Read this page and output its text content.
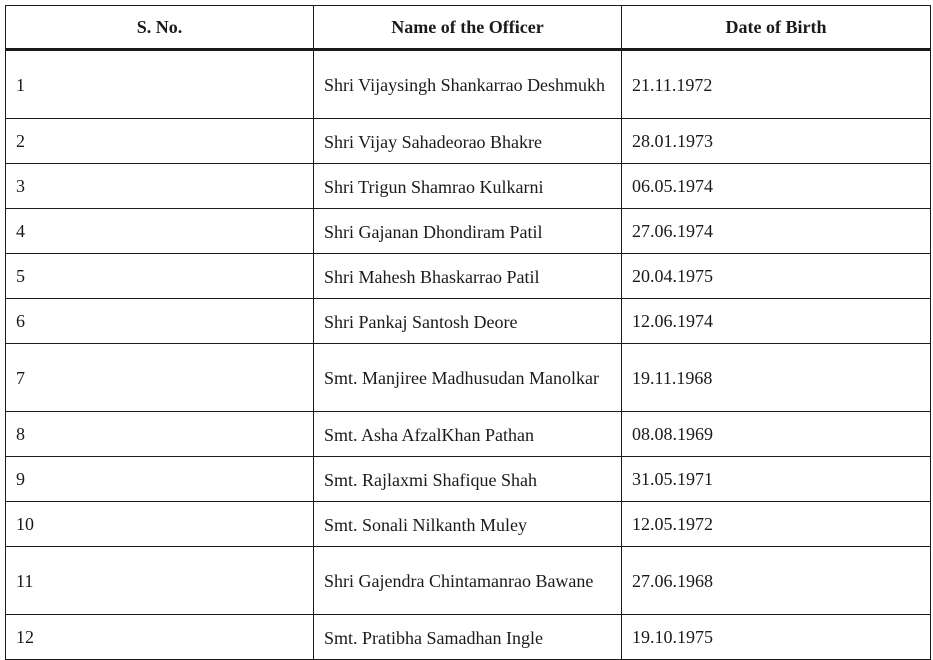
S. No.	Name of the Officer	Date of Birth
1	Shri Vijaysingh Shankarrao Deshmukh	21.11.1972
2	Shri Vijay Sahadeorao Bhakre	28.01.1973
3	Shri Trigun Shamrao Kulkarni	06.05.1974
4	Shri Gajanan Dhondiram Patil	27.06.1974
5	Shri Mahesh Bhaskarrao Patil	20.04.1975
6	Shri Pankaj Santosh Deore	12.06.1974
7	Smt. Manjiree Madhusudan Manolkar	19.11.1968
8	Smt. Asha AfzalKhan Pathan	08.08.1969
9	Smt. Rajlaxmi Shafique Shah	31.05.1971
10	Smt. Sonali Nilkanth Muley	12.05.1972
11	Shri Gajendra Chintamanrao Bawane	27.06.1968
12	Smt. Pratibha Samadhan Ingle	19.10.1975
